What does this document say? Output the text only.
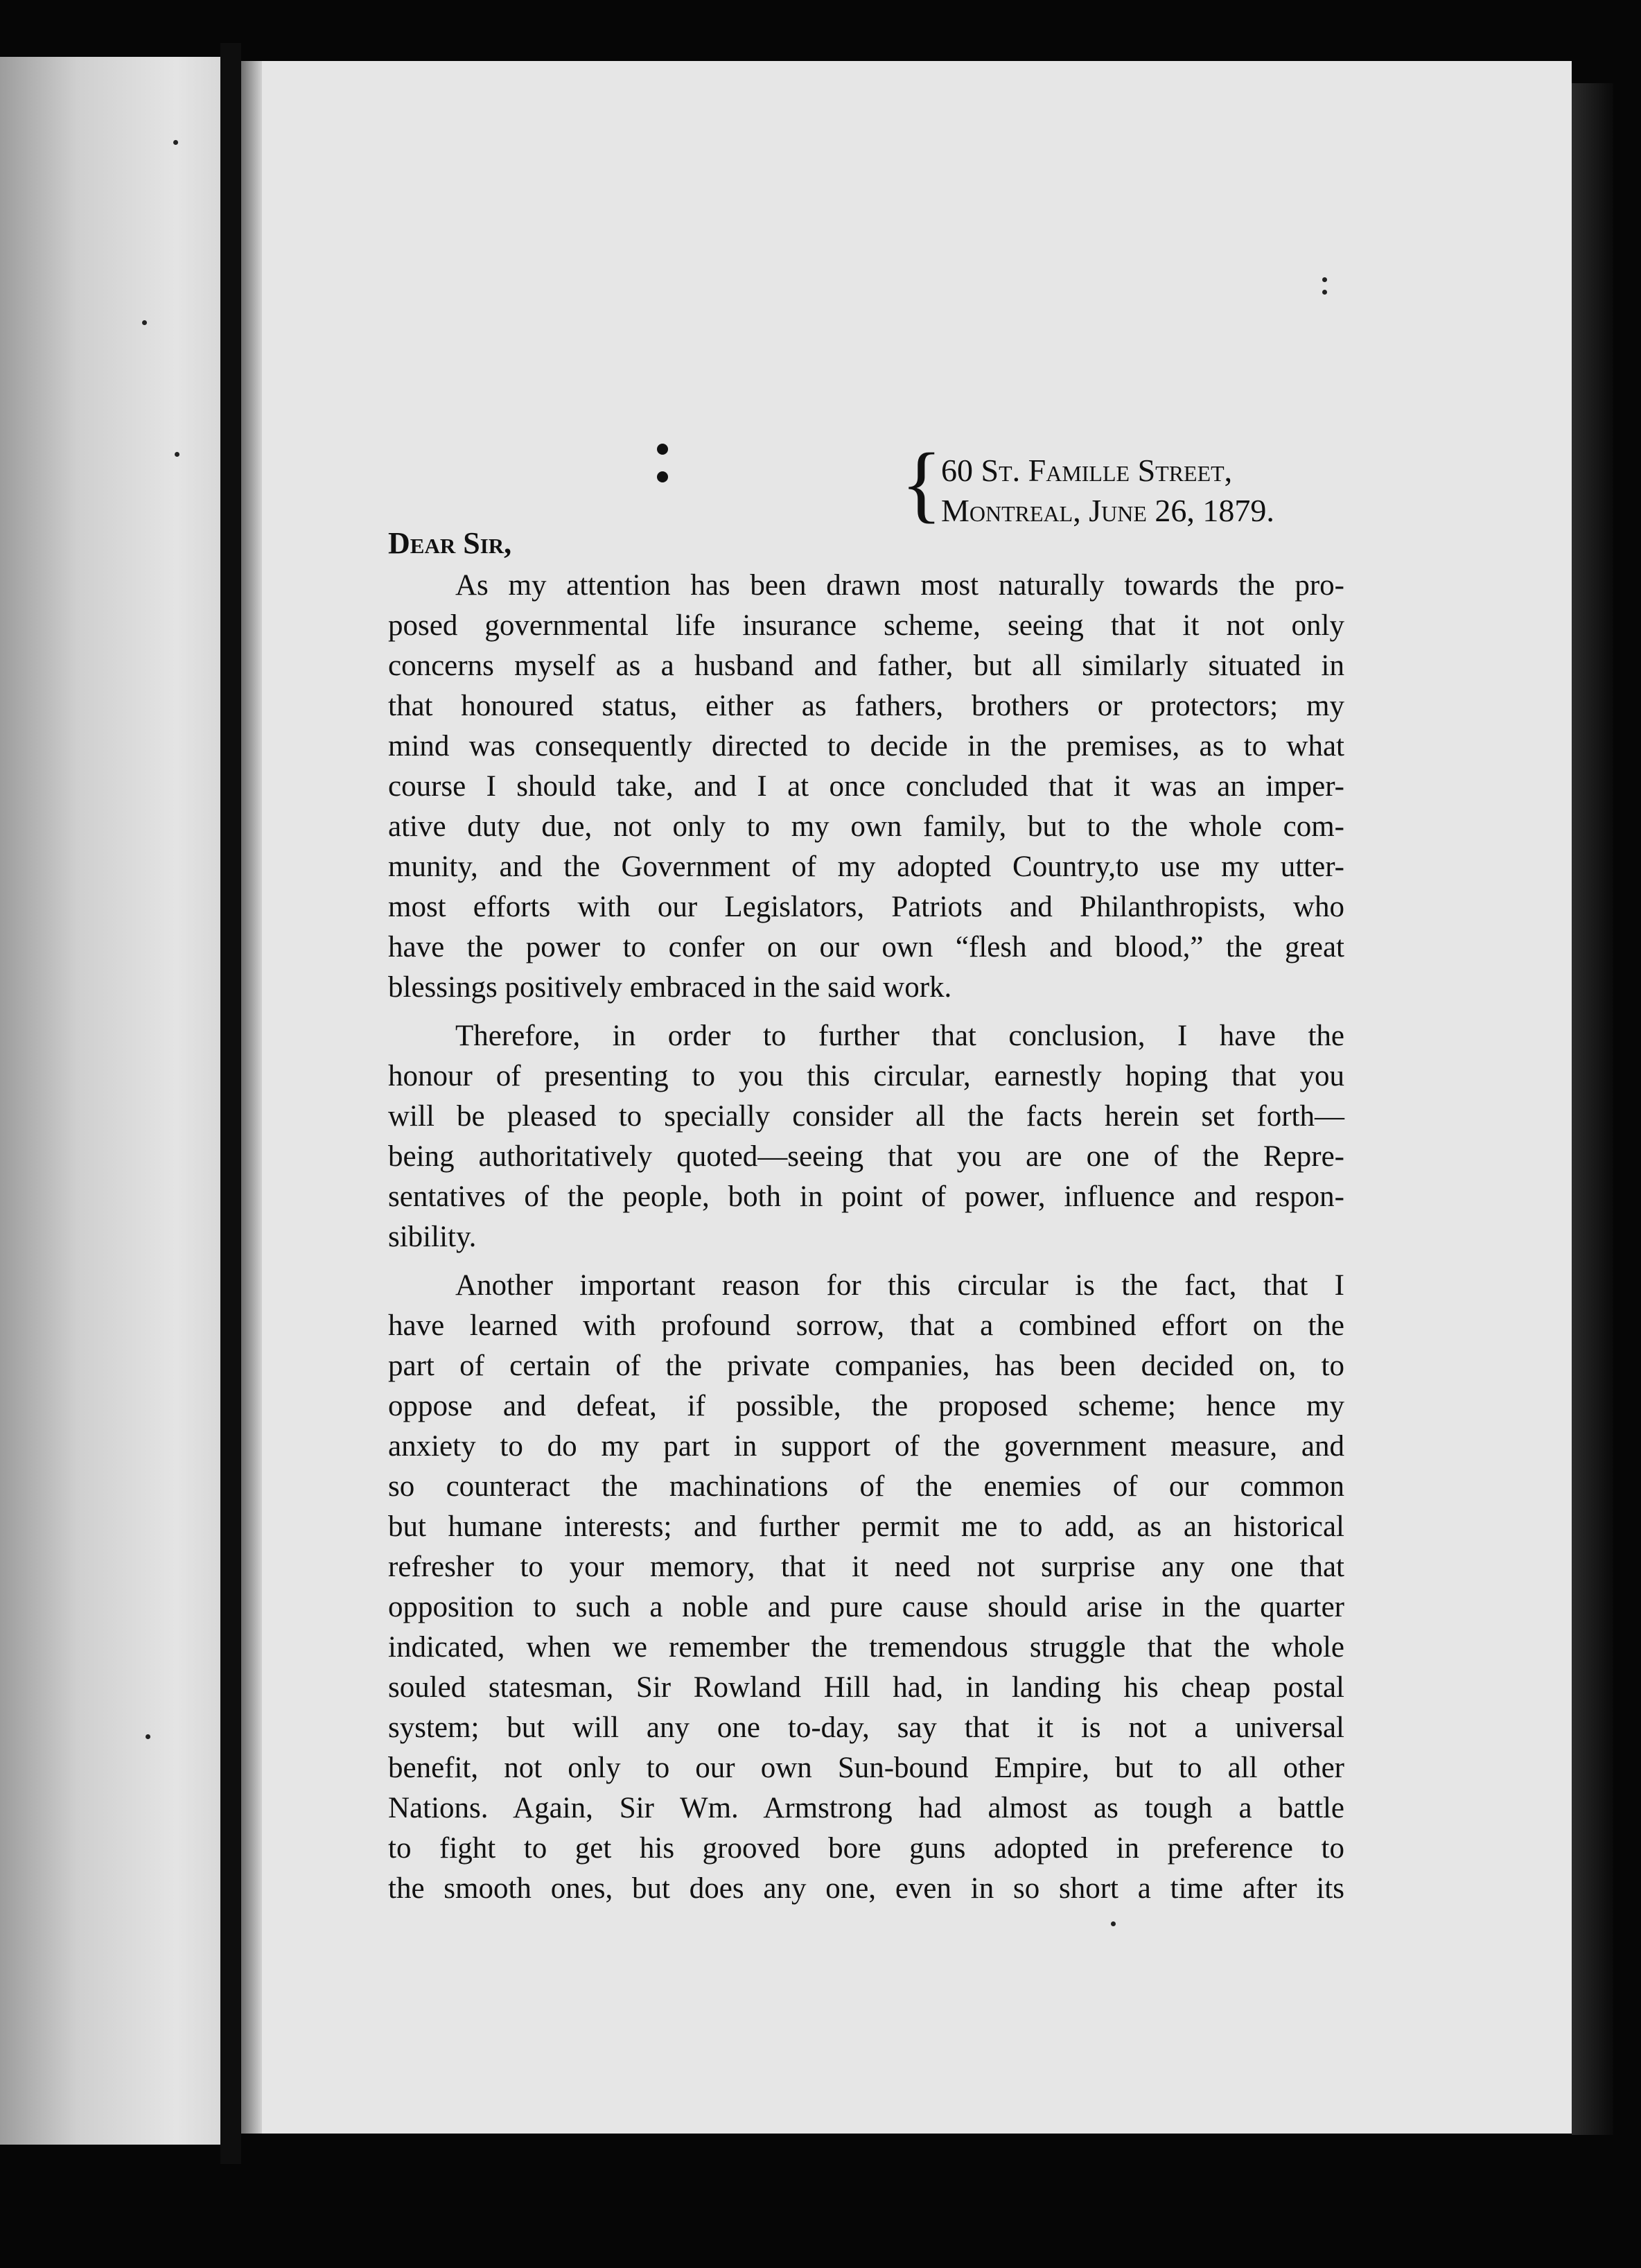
{
60 St. Famille Street,
Montreal, June 26, 1879.
Dear Sir,
As my attention has been drawn most naturally towards the pro-
posed governmental life insurance scheme, seeing that it not only
concerns myself as a husband and father, but all similarly situated in
that honoured status, either as fathers, brothers or protectors; my
mind was consequently directed to decide in the premises, as to what
course I should take, and I at once concluded that it was an imper-
ative duty due, not only to my own family, but to the whole com-
munity, and the Government of my adopted Country,to use my utter-
most efforts with our Legislators, Patriots and Philanthropists, who
have the power to confer on our own “flesh and blood,” the great
blessings positively embraced in the said work.
Therefore, in order to further that conclusion, I have the
honour of presenting to you this circular, earnestly hoping that you
will be pleased to specially consider all the facts herein set forth—
being authoritatively quoted—seeing that you are one of the Repre-
sentatives of the people, both in point of power, influence and respon-
sibility.
Another important reason for this circular is the fact, that I
have learned with profound sorrow, that a combined effort on the
part of certain of the private companies, has been decided on, to
oppose and defeat, if possible, the proposed scheme; hence my
anxiety to do my part in support of the government measure, and
so counteract the machinations of the enemies of our common
but humane interests; and further permit me to add, as an historical
refresher to your memory, that it need not surprise any one that
opposition to such a noble and pure cause should arise in the quarter
indicated, when we remember the tremendous struggle that the whole
souled statesman, Sir Rowland Hill had, in landing his cheap postal
system; but will any one to-day, say that it is not a universal
benefit, not only to our own Sun-bound Empire, but to all other
Nations. Again, Sir Wm. Armstrong had almost as tough a battle
to fight to get his grooved bore guns adopted in preference to
the smooth ones, but does any one, even in so short a time after its
